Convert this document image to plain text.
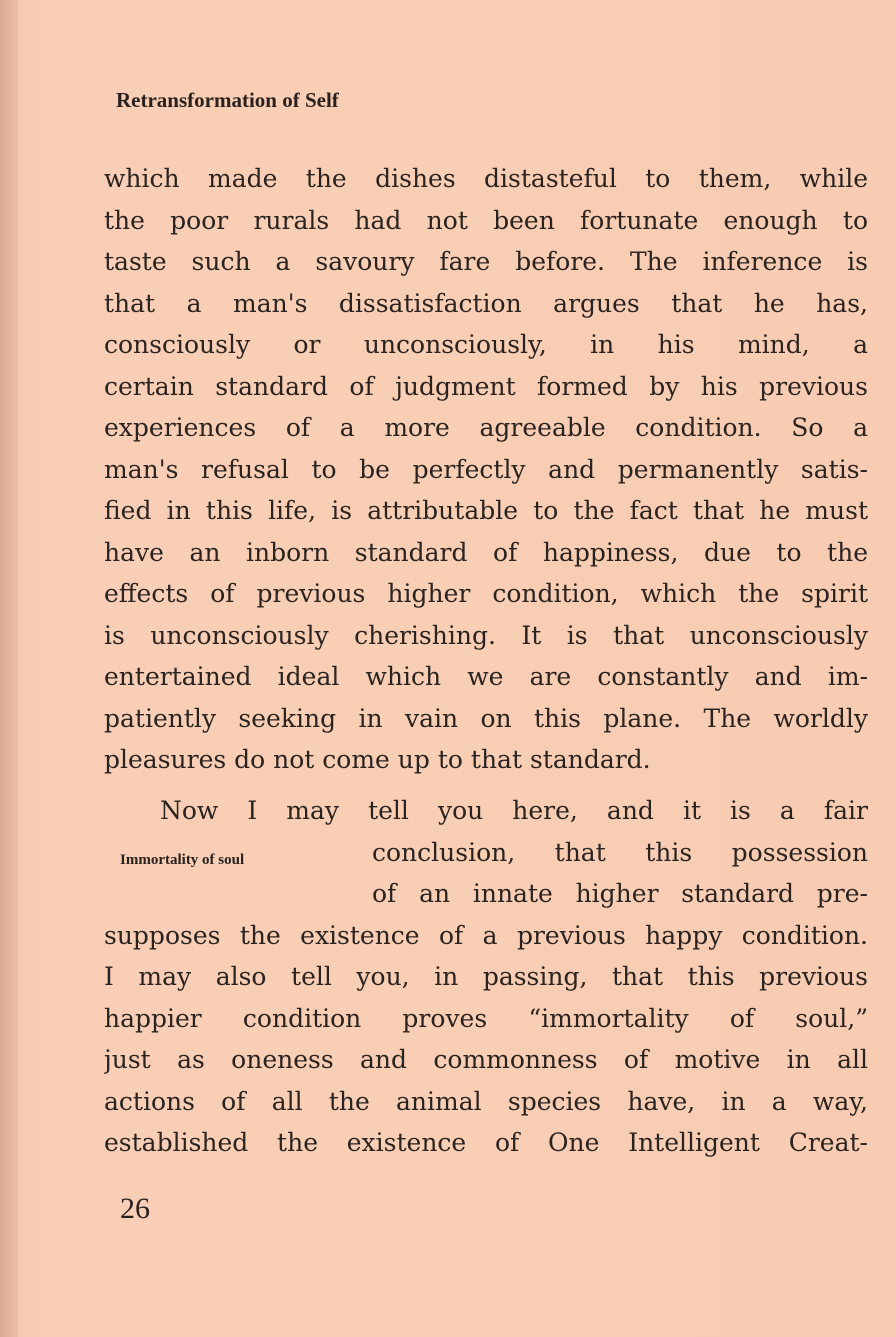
Retransformation of Self
which made the dishes distasteful to them, while
the poor rurals had not been fortunate enough to
taste such a savoury fare before. The inference is
that a man's dissatisfaction argues that he has,
consciously or unconsciously, in his mind, a
certain standard of judgment formed by his previous
experiences of a more agreeable condition. So a
man's refusal to be perfectly and permanently satis-
fied in this life, is attributable to the fact that he must
have an inborn standard of happiness, due to the
effects of previous higher condition, which the spirit
is unconsciously cherishing. It is that unconsciously
entertained ideal which we are constantly and im-
patiently seeking in vain on this plane. The worldly
pleasures do not come up to that standard.
Immortality of soul
Now I may tell you here, and it is a fair
conclusion, that this possession
of an innate higher standard pre-
supposes the existence of a previous happy condition.
I may also tell you, in passing, that this previous
happier condition proves “immortality of soul,”
just as oneness and commonness of motive in all
actions of all the animal species have, in a way,
established the existence of One Intelligent Creat-
26
